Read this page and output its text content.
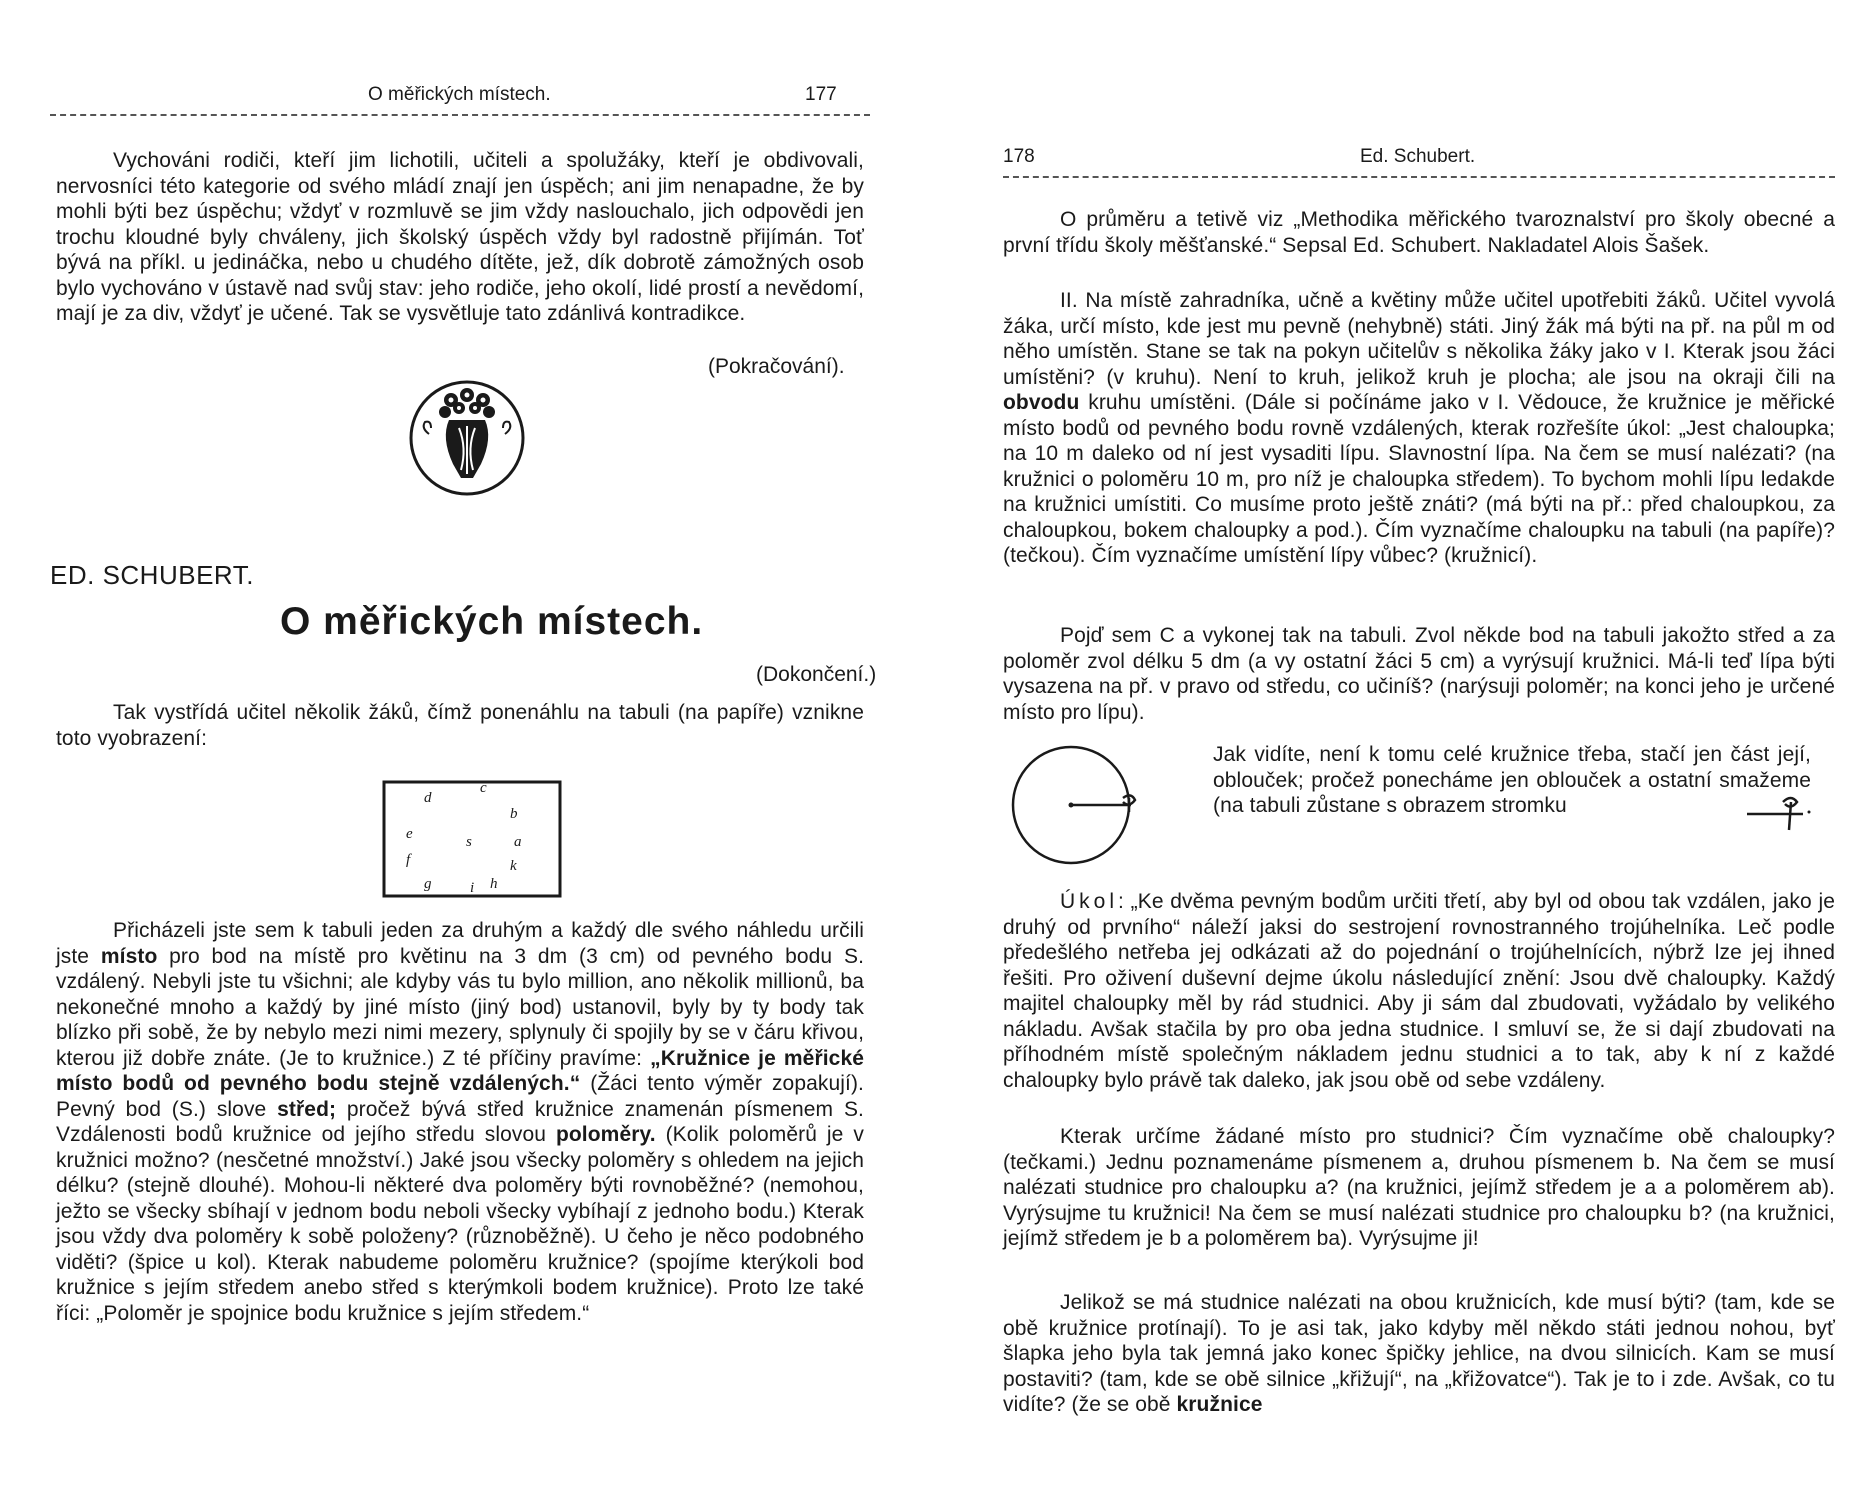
O měřických místech.	177

Vychováni rodiči, kteří jim lichotili, učiteli a spolužáky, kteří je obdivovali, nervosníci této kategorie od svého mládí znají jen úspěch; ani jim nenapadne, že by mohli býti bez úspěchu; vždyť v rozmluvě se jim vždy naslouchalo, jich odpovědi jen trochu kloudné byly chváleny, jich školský úspěch vždy byl radostně přijímán. Toť bývá na příkl. u jedináčka, nebo u chudého dítěte, jež, dík dobrotě zámožných osob bylo vychováno v ústavě nad svůj stav: jeho rodiče, jeho okolí, lidé prostí a nevědomí, mají je za div, vždyť je učené. Tak se vysvětluje tato zdánlivá kontradikce.

(Pokračování).
ED. SCHUBERT.
O měřických místech.
(Dokončení.)

Tak vystřídá učitel několik žáků, čímž ponenáhlu na tabuli (na papíře) vznikne toto vyobrazení:

d
c
b
e	s	a
f	k
g	i h

Přicházeli jste sem k tabuli jeden za druhým a každý dle svého náhledu určili jste místo pro bod na místě pro květinu na 3 dm (3 cm) od pevného bodu S. vzdálený. Nebyli jste tu všichni; ale kdyby vás tu bylo million, ano několik millionů, ba nekonečné mnoho a každý by jiné místo (jiný bod) ustanovil, byly by ty body tak blízko při sobě, že by nebylo mezi nimi mezery, splynuly či spojily by se v čáru křivou, kterou již dobře znáte. (Je to kružnice.) Z té příčiny pravíme: „Kružnice je měřické místo bodů od pevného bodu stejně vzdálených.“ (Žáci tento výměr zopakují). Pevný bod (S.) slove střed; pročež bývá střed kružnice znamenán písmenem S. Vzdálenosti bodů kružnice od jejího středu slovou poloměry. (Kolik poloměrů je v kružnici možno? (nesčetné množství.) Jaké jsou všecky poloměry s ohledem na jejich délku? (stejně dlouhé). Mohou-li některé dva poloměry býti rovnoběžné? (nemohou, ježto se všecky sbíhají v jednom bodu neboli všecky vybíhají z jednoho bodu.) Kterak jsou vždy dva poloměry k sobě položeny? (různoběžně). U čeho je něco podobného viděti? (špice u kol). Kterak nabudeme poloměru kružnice? (spojíme kterýkoli bod kružnice s jejím středem anebo střed s kterýmkoli bodem kružnice). Proto lze také říci: „Poloměr je spojnice bodu kružnice s jejím středem.“

178	Ed. Schubert.

O průměru a tetivě viz „Methodika měřického tvaroznalství pro školy obecné a první třídu školy měšťanské.“ Sepsal Ed. Schubert. Nakladatel Alois Šašek.

II. Na místě zahradníka, učně a květiny může učitel upotřebiti žáků. Učitel vyvolá žáka, určí místo, kde jest mu pevně (nehybně) státi. Jiný žák má býti na př. na půl m od něho umístěn. Stane se tak na pokyn učitelův s několika žáky jako v I. Kterak jsou žáci umístěni? (v kruhu). Není to kruh, jelikož kruh je plocha; ale jsou na okraji čili na obvodu kruhu umístěni. (Dále si počínáme jako v I. Vědouce, že kružnice je měřické místo bodů od pevného bodu rovně vzdálených, kterak rozřešíte úkol: „Jest chaloupka; na 10 m daleko od ní jest vysaditi lípu. Slavnostní lípa. Na čem se musí nalézati? (na kružnici o poloměru 10 m, pro níž je chaloupka středem). To bychom mohli lípu ledakde na kružnici umístiti. Co musíme proto ještě znáti? (má býti na př.: před chaloupkou, za chaloupkou, bokem chaloupky a pod.). Čím vyznačíme chaloupku na tabuli (na papíře)? (tečkou). Čím vyznačíme umístění lípy vůbec? (kružnicí).

Pojď sem C a vykonej tak na tabuli. Zvol někde bod na tabuli jakožto střed a za poloměr zvol délku 5 dm (a vy ostatní žáci 5 cm) a vyrýsují kružnici. Má-li teď lípa býti vysazena na př. v pravo od středu, co učiníš? (narýsuji poloměr; na konci jeho je určené místo pro lípu).

Jak vidíte, není k tomu celé kružnice třeba, stačí jen část její, oblouček; pročež ponecháme jen oblouček a ostatní smažeme (na tabuli zůstane s obrazem stromku

Úkol: „Ke dvěma pevným bodům určiti třetí, aby byl od obou tak vzdálen, jako je druhý od prvního“ náleží jaksi do sestrojení rovnostranného trojúhelníka. Leč podle předešlého netřeba jej odkázati až do pojednání o trojúhelnících, nýbrž lze jej ihned řešiti. Pro oživení duševní dejme úkolu následující znění: Jsou dvě chaloupky. Každý majitel chaloupky měl by rád studnici. Aby ji sám dal zbudovati, vyžádalo by velikého nákladu. Avšak stačila by pro oba jedna studnice. I smluví se, že si dají zbudovati na příhodném místě společným nákladem jednu studnici a to tak, aby k ní z každé chaloupky bylo právě tak daleko, jak jsou obě od sebe vzdáleny.

Kterak určíme žádané místo pro studnici? Čím vyznačíme obě chaloupky? (tečkami.) Jednu poznamenáme písmenem a, druhou písmenem b. Na čem se musí nalézati studnice pro chaloupku a? (na kružnici, jejímž středem je a a poloměrem ab). Vyrýsujme tu kružnici! Na čem se musí nalézati studnice pro chaloupku b? (na kružnici, jejímž středem je b a poloměrem ba). Vyrýsujme ji!

Jelikož se má studnice nalézati na obou kružnicích, kde musí býti? (tam, kde se obě kružnice protínají). To je asi tak, jako kdyby měl někdo státi jednou nohou, byť šlapka jeho byla tak jemná jako konec špičky jehlice, na dvou silnicích. Kam se musí postaviti? (tam, kde se obě silnice „křižují“, na „křižovatce“). Tak je to i zde. Avšak, co tu vidíte? (že se obě kružnice
